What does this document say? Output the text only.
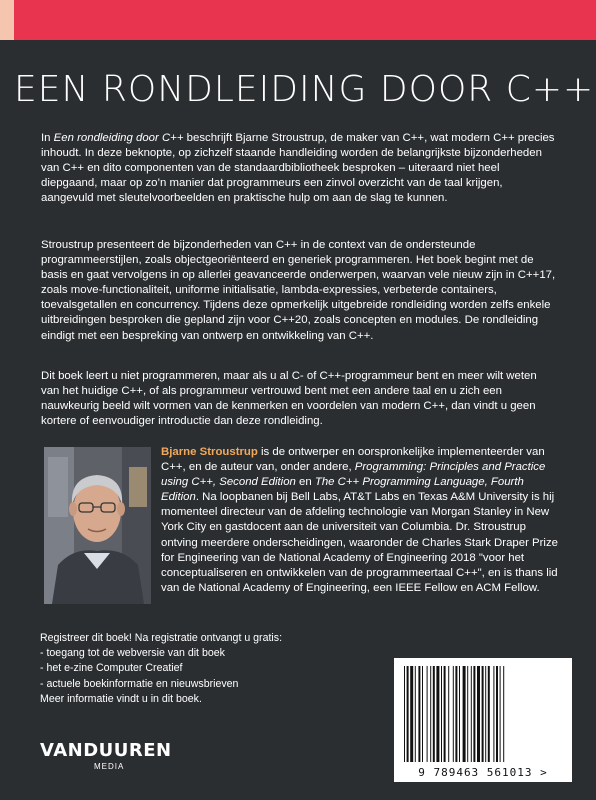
EEN RONDLEIDING DOOR C++
In Een rondleiding door C++ beschrijft Bjarne Stroustrup, de maker van C++, wat modern C++ precies inhoudt. In deze beknopte, op zichzelf staande handleiding worden de belangrijkste bijzonderheden van C++ en dito componenten van de standaardbibliotheek besproken – uiteraard niet heel diepgaand, maar op zo’n manier dat programmeurs een zinvol overzicht van de taal krijgen, aangevuld met sleutelvoorbeelden en praktische hulp om aan de slag te kunnen.
Stroustrup presenteert de bijzonderheden van C++ in de context van de ondersteunde programmeerstijlen, zoals objectgeoriënteerd en generiek programmeren. Het boek begint met de basis en gaat vervolgens in op allerlei geavanceerde onderwerpen, waarvan vele nieuw zijn in C++17, zoals move-functionaliteit, uniforme initialisatie, lambda-expressies, verbeterde containers, toevalsgetallen en concurrency. Tijdens deze opmerkelijk uitgebreide rondleiding worden zelfs enkele uitbreidingen besproken die gepland zijn voor C++20, zoals concepten en modules. De rondleiding eindigt met een bespreking van ontwerp en ontwikkeling van C++.
Dit boek leert u niet programmeren, maar als u al C- of C++-programmeur bent en meer wilt weten van het huidige C++, of als programmeur vertrouwd bent met een andere taal en u zich een nauwkeurig beeld wilt vormen van de kenmerken en voordelen van modern C++, dan vindt u geen kortere of eenvoudiger introductie dan deze rondleiding.
Bjarne Stroustrup is de ontwerper en oorspronkelijke implementeerder van C++, en de auteur van, onder andere, Programming: Principles and Practice using C++, Second Edition en The C++ Programming Language, Fourth Edition. Na loopbanen bij Bell Labs, AT&T Labs en Texas A&M University is hij momenteel directeur van de afdeling technologie van Morgan Stanley in New York City en gastdocent aan de universiteit van Columbia. Dr. Stroustrup ontving meerdere onderscheidingen, waaronder de Charles Stark Draper Prize for Engineering van de National Academy of Engineering 2018 "voor het conceptualiseren en ontwikkelen van de programmeertaal C++", en is thans lid van de National Academy of Engineering, een IEEE Fellow en ACM Fellow.
Registreer dit boek! Na registratie ontvangt u gratis:
- toegang tot de webversie van dit boek
- het e-zine Computer Creatief
- actuele boekinformatie en nieuwsbrieven
Meer informatie vindt u in dit boek.
VANDUUREN
MEDIA	9 789463 561013 >
